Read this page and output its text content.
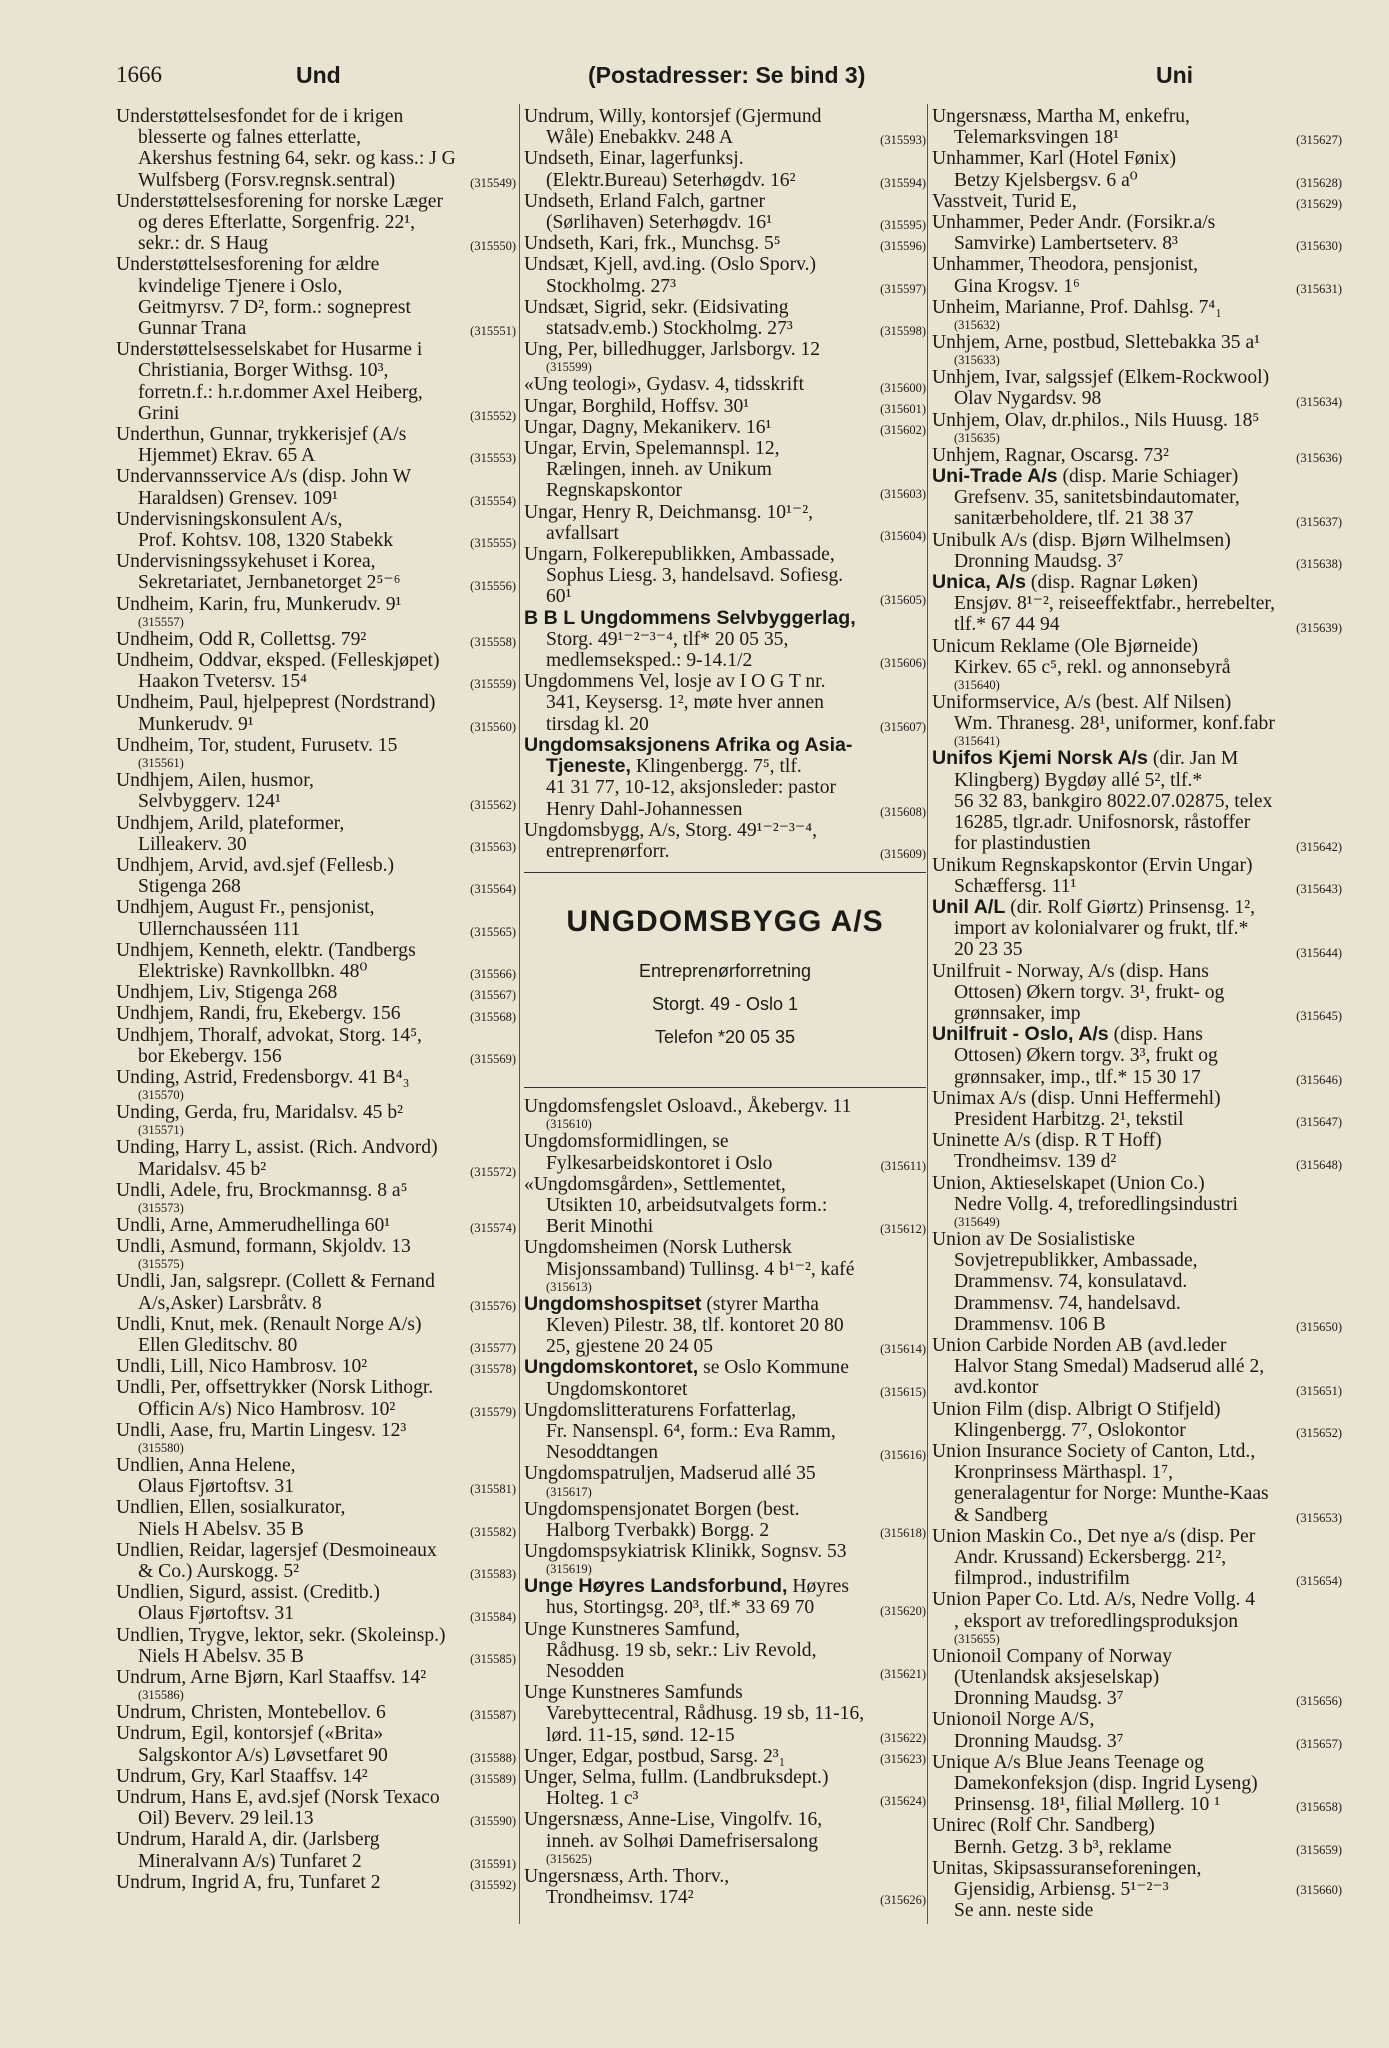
1666	Und	(Postadresser: Se bind 3)	Uni
Understøttelsesfondet for de i krigen
blesserte og falnes etterlatte,
Akershus festning 64, sekr. og kass.: J G
Wulfsberg (Forsv.regnsk.sentral)	(315549)
Understøttelsesforening for norske Læger
og deres Efterlatte, Sorgenfrig. 22¹,
sekr.: dr. S Haug	(315550)
Understøttelsesforening for ældre
kvindelige Tjenere i Oslo,
Geitmyrsv. 7 D², form.: sogneprest
Gunnar Trana	(315551)
Understøttelsesselskabet for Husarme i
Christiania, Borger Withsg. 10³,
forretn.f.: h.r.dommer Axel Heiberg,
Grini	(315552)
Underthun, Gunnar, trykkerisjef (A/s
Hjemmet) Ekrav. 65 A	(315553)
Undervannsservice A/s (disp. John W
Haraldsen) Grensev. 109¹	(315554)
Undervisningskonsulent A/s,
Prof. Kohtsv. 108, 1320 Stabekk	(315555)
Undervisningssykehuset i Korea,
Sekretariatet, Jernbanetorget 2⁵⁻⁶	(315556)
Undheim, Karin, fru, Munkerudv. 9¹
(315557)
Undheim, Odd R, Collettsg. 79²	(315558)
Undheim, Oddvar, eksped. (Felleskjøpet)
Haakon Tvetersv. 15⁴	(315559)
Undheim, Paul, hjelpeprest (Nordstrand)
Munkerudv. 9¹	(315560)
Undheim, Tor, student, Furusetv. 15
(315561)
Undhjem, Ailen, husmor,
Selvbyggerv. 124¹	(315562)
Undhjem, Arild, plateformer,
Lilleakerv. 30	(315563)
Undhjem, Arvid, avd.sjef (Fellesb.)
Stigenga 268	(315564)
Undhjem, August Fr., pensjonist,
Ullernchausséen 111	(315565)
Undhjem, Kenneth, elektr. (Tandbergs
Elektriske) Ravnkollbkn. 48⁰	(315566)
Undhjem, Liv, Stigenga 268	(315567)
Undhjem, Randi, fru, Ekebergv. 156	(315568)
Undhjem, Thoralf, advokat, Storg. 14⁵,
bor Ekebergv. 156	(315569)
Unding, Astrid, Fredensborgv. 41 B⁴₃
(315570)
Unding, Gerda, fru, Maridalsv. 45 b²
(315571)
Unding, Harry L, assist. (Rich. Andvord)
Maridalsv. 45 b²	(315572)
Undli, Adele, fru, Brockmannsg. 8 a⁵
(315573)
Undli, Arne, Ammerudhellinga 60¹	(315574)
Undli, Asmund, formann, Skjoldv. 13
(315575)
Undli, Jan, salgsrepr. (Collett & Fernand
A/s,Asker) Larsbråtv. 8	(315576)
Undli, Knut, mek. (Renault Norge A/s)
Ellen Gleditschv. 80	(315577)
Undli, Lill, Nico Hambrosv. 10²	(315578)
Undli, Per, offsettrykker (Norsk Lithogr.
Officin A/s) Nico Hambrosv. 10²	(315579)
Undli, Aase, fru, Martin Lingesv. 12³
(315580)
Undlien, Anna Helene,
Olaus Fjørtoftsv. 31	(315581)
Undlien, Ellen, sosialkurator,
Niels H Abelsv. 35 B	(315582)
Undlien, Reidar, lagersjef (Desmoineaux
& Co.) Aurskogg. 5²	(315583)
Undlien, Sigurd, assist. (Creditb.)
Olaus Fjørtoftsv. 31	(315584)
Undlien, Trygve, lektor, sekr. (Skoleinsp.)
Niels H Abelsv. 35 B	(315585)
Undrum, Arne Bjørn, Karl Staaffsv. 14²
(315586)
Undrum, Christen, Montebellov. 6	(315587)
Undrum, Egil, kontorsjef («Brita»
Salgskontor A/s) Løvsetfaret 90	(315588)
Undrum, Gry, Karl Staaffsv. 14²	(315589)
Undrum, Hans E, avd.sjef (Norsk Texaco
Oil) Beverv. 29 leil.13	(315590)
Undrum, Harald A, dir. (Jarlsberg
Mineralvann A/s) Tunfaret 2	(315591)
Undrum, Ingrid A, fru, Tunfaret 2	(315592)
Undrum, Willy, kontorsjef (Gjermund
Wåle) Enebakkv. 248 A	(315593)
Undseth, Einar, lagerfunksj.
(Elektr.Bureau) Seterhøgdv. 16²	(315594)
Undseth, Erland Falch, gartner
(Sørlihaven) Seterhøgdv. 16¹	(315595)
Undseth, Kari, frk., Munchsg. 5⁵	(315596)
Undsæt, Kjell, avd.ing. (Oslo Sporv.)
Stockholmg. 27³	(315597)
Undsæt, Sigrid, sekr. (Eidsivating
statsadv.emb.) Stockholmg. 27³	(315598)
Ung, Per, billedhugger, Jarlsborgv. 12
(315599)
«Ung teologi», Gydasv. 4, tidsskrift	(315600)
Ungar, Borghild, Hoffsv. 30¹	(315601)
Ungar, Dagny, Mekanikerv. 16¹	(315602)
Ungar, Ervin, Spelemannspl. 12,
Rælingen, inneh. av Unikum
Regnskapskontor	(315603)
Ungar, Henry R, Deichmansg. 10¹⁻²,
avfallsart	(315604)
Ungarn, Folkerepublikken, Ambassade,
Sophus Liesg. 3, handelsavd. Sofiesg.
60¹	(315605)
B B L Ungdommens Selvbyggerlag,
Storg. 49¹⁻²⁻³⁻⁴, tlf* 20 05 35,
medlemseksped.: 9-14.1/2	(315606)
Ungdommens Vel, losje av I O G T nr.
341, Keysersg. 1², møte hver annen
tirsdag kl. 20	(315607)
Ungdomsaksjonens Afrika og Asia-
Tjeneste, Klingenbergg. 7⁵, tlf.
41 31 77, 10-12, aksjonsleder: pastor
Henry Dahl-Johannessen	(315608)
Ungdomsbygg, A/s, Storg. 49¹⁻²⁻³⁻⁴,
entreprenørforr.	(315609)
UNGDOMSBYGG A/S
Entreprenørforretning
Storgt. 49 - Oslo 1
Telefon *20 05 35
Ungdomsfengslet Osloavd., Åkebergv. 11
(315610)
Ungdomsformidlingen, se
Fylkesarbeidskontoret i Oslo	(315611)
«Ungdomsgården», Settlementet,
Utsikten 10, arbeidsutvalgets form.:
Berit Minothi	(315612)
Ungdomsheimen (Norsk Luthersk
Misjonssamband) Tullinsg. 4 b¹⁻², kafé
(315613)
Ungdomshospitset (styrer Martha
Kleven) Pilestr. 38, tlf. kontoret 20 80
25, gjestene 20 24 05	(315614)
Ungdomskontoret, se Oslo Kommune
Ungdomskontoret	(315615)
Ungdomslitteraturens Forfatterlag,
Fr. Nansenspl. 6⁴, form.: Eva Ramm,
Nesoddtangen	(315616)
Ungdomspatruljen, Madserud allé 35
(315617)
Ungdomspensjonatet Borgen (best.
Halborg Tverbakk) Borgg. 2	(315618)
Ungdomspsykiatrisk Klinikk, Sognsv. 53
(315619)
Unge Høyres Landsforbund, Høyres
hus, Stortingsg. 20³, tlf.* 33 69 70	(315620)
Unge Kunstneres Samfund,
Rådhusg. 19 sb, sekr.: Liv Revold,
Nesodden	(315621)
Unge Kunstneres Samfunds
Varebyttecentral, Rådhusg. 19 sb, 11-16,
lørd. 11-15, sønd. 12-15	(315622)
Unger, Edgar, postbud, Sarsg. 2³₁	(315623)
Unger, Selma, fullm. (Landbruksdept.)
Holteg. 1 c³	(315624)
Ungersnæss, Anne-Lise, Vingolfv. 16,
inneh. av Solhøi Damefrisersalong
(315625)
Ungersnæss, Arth. Thorv.,
Trondheimsv. 174²	(315626)
Ungersnæss, Martha M, enkefru,
Telemarksvingen 18¹	(315627)
Unhammer, Karl (Hotel Fønix)
Betzy Kjelsbergsv. 6 a⁰	(315628)
Vasstveit, Turid E,	(315629)
Unhammer, Peder Andr. (Forsikr.a/s
Samvirke) Lambertseterv. 8³	(315630)
Unhammer, Theodora, pensjonist,
Gina Krogsv. 1⁶	(315631)
Unheim, Marianne, Prof. Dahlsg. 7⁴₁
(315632)
Unhjem, Arne, postbud, Slettebakka 35 a¹
(315633)
Unhjem, Ivar, salgssjef (Elkem-Rockwool)
Olav Nygardsv. 98	(315634)
Unhjem, Olav, dr.philos., Nils Huusg. 18⁵
(315635)
Unhjem, Ragnar, Oscarsg. 73²	(315636)
Uni-Trade A/s (disp. Marie Schiager)
Grefsenv. 35, sanitetsbindautomater,
sanitærbeholdere, tlf. 21 38 37	(315637)
Unibulk A/s (disp. Bjørn Wilhelmsen)
Dronning Maudsg. 3⁷	(315638)
Unica, A/s (disp. Ragnar Løken)
Ensjøv. 8¹⁻², reiseeffektfabr., herrebelter,
tlf.* 67 44 94	(315639)
Unicum Reklame (Ole Bjørneide)
Kirkev. 65 c⁵, rekl. og annonsebyrå
(315640)
Uniformservice, A/s (best. Alf Nilsen)
Wm. Thranesg. 28¹, uniformer, konf.fabr
(315641)
Unifos Kjemi Norsk A/s (dir. Jan M
Klingberg) Bygdøy allé 5², tlf.*
56 32 83, bankgiro 8022.07.02875, telex
16285, tlgr.adr. Unifosnorsk, råstoffer
for plastindustien	(315642)
Unikum Regnskapskontor (Ervin Ungar)
Schæffersg. 11¹	(315643)
Unil A/L (dir. Rolf Giørtz) Prinsensg. 1²,
import av kolonialvarer og frukt, tlf.*
20 23 35	(315644)
Unilfruit - Norway, A/s (disp. Hans
Ottosen) Økern torgv. 3¹, frukt- og
grønnsaker, imp	(315645)
Unilfruit - Oslo, A/s (disp. Hans
Ottosen) Økern torgv. 3³, frukt og
grønnsaker, imp., tlf.* 15 30 17	(315646)
Unimax A/s (disp. Unni Heffermehl)
President Harbitzg. 2¹, tekstil	(315647)
Uninette A/s (disp. R T Hoff)
Trondheimsv. 139 d²	(315648)
Union, Aktieselskapet (Union Co.)
Nedre Vollg. 4, treforedlingsindustri
(315649)
Union av De Sosialistiske
Sovjetrepublikker, Ambassade,
Drammensv. 74, konsulatavd.
Drammensv. 74, handelsavd.
Drammensv. 106 B	(315650)
Union Carbide Norden AB (avd.leder
Halvor Stang Smedal) Madserud allé 2,
avd.kontor	(315651)
Union Film (disp. Albrigt O Stifjeld)
Klingenbergg. 7⁷, Oslokontor	(315652)
Union Insurance Society of Canton, Ltd.,
Kronprinsess Märthaspl. 1⁷,
generalagentur for Norge: Munthe-Kaas
& Sandberg	(315653)
Union Maskin Co., Det nye a/s (disp. Per
Andr. Krussand) Eckersbergg. 21²,
filmprod., industrifilm	(315654)
Union Paper Co. Ltd. A/s, Nedre Vollg. 4
, eksport av treforedlingsproduksjon
(315655)
Unionoil Company of Norway
(Utenlandsk aksjeselskap)
Dronning Maudsg. 3⁷	(315656)
Unionoil Norge A/S,
Dronning Maudsg. 3⁷	(315657)
Unique A/s Blue Jeans Teenage og
Damekonfeksjon (disp. Ingrid Lyseng)
Prinsensg. 18¹, filial Møllerg. 10 ¹	(315658)
Unirec (Rolf Chr. Sandberg)
Bernh. Getzg. 3 b³, reklame	(315659)
Unitas, Skipsassuranseforeningen,
Gjensidig, Arbiensg. 5¹⁻²⁻³
Se ann. neste side
(315660)
